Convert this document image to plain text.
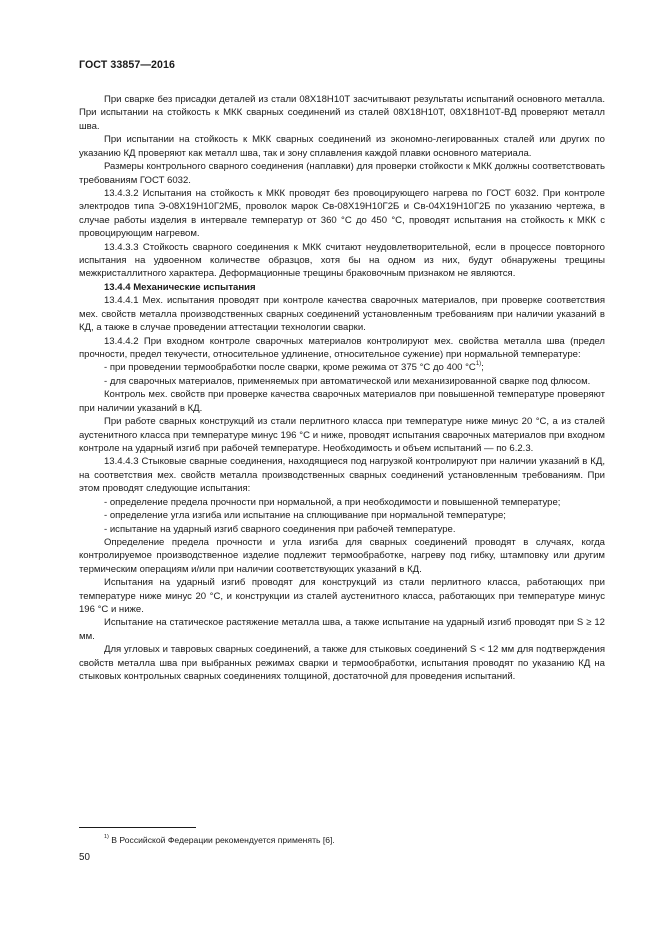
ГОСТ 33857—2016

При сварке без присадки деталей из стали 08Х18Н10Т засчитывают результаты испытаний основного металла. При испытании на стойкость к МКК сварных соединений из сталей 08Х18Н10Т, 08Х18Н10Т-ВД проверяют металл шва.

При испытании на стойкость к МКК сварных соединений из экономно-легированных сталей или других по указанию КД проверяют как металл шва, так и зону сплавления каждой плавки основного материала.

Размеры контрольного сварного соединения (наплавки) для проверки стойкости к МКК должны соответствовать требованиям ГОСТ 6032.

13.4.3.2 Испытания на стойкость к МКК проводят без провоцирующего нагрева по ГОСТ 6032. При контроле электродов типа Э-08Х19Н10Г2МБ, проволок марок Св-08Х19Н10Г2Б и Св-04Х19Н10Г2Б по указанию чертежа, в случае работы изделия в интервале температур от 360 °С до 450 °С, проводят испытания на стойкость к МКК с провоцирующим нагревом.

13.4.3.3 Стойкость сварного соединения к МКК считают неудовлетворительной, если в процессе повторного испытания на удвоенном количестве образцов, хотя бы на одном из них, будут обнаружены трещины межкристаллитного характера. Деформационные трещины браковочным признаком не являются.

13.4.4 Механические испытания

13.4.4.1 Мех. испытания проводят при контроле качества сварочных материалов, при проверке соответствия мех. свойств металла производственных сварных соединений установленным требованиям при наличии указаний в КД, а также в случае проведении аттестации технологии сварки.

13.4.4.2 При входном контроле сварочных материалов контролируют мех. свойства металла шва (предел прочности, предел текучести, относительное удлинение, относительное сужение) при нормальной температуре:

- при проведении термообработки после сварки, кроме режима от 375 °С до 400 $^\circ С^{1)}$;

- для сварочных материалов, применяемых при автоматической или механизированной сварке под флюсом.

Контроль мех. свойств при проверке качества сварочных материалов при повышенной температуре проверяют при наличии указаний в КД.

При работе сварных конструкций из стали перлитного класса при температуре ниже минус 20 °С, а из сталей аустенитного класса при температуре минус 196 °С и ниже, проводят испытания сварочных материалов при входном контроле на ударный изгиб при рабочей температуре. Необходимость и объем испытаний — по 6.2.3.

13.4.4.3 Стыковые сварные соединения, находящиеся под нагрузкой контролируют при наличии указаний в КД, на соответствия мех. свойств металла производственных сварных соединений установленным требованиям. При этом проводят следующие испытания:

- определение предела прочности при нормальной, а при необходимости и повышенной температуре;

- определение угла изгиба или испытание на сплющивание при нормальной температуре;

- испытание на ударный изгиб сварного соединения при рабочей температуре.

Определение предела прочности и угла изгиба для сварных соединений проводят в случаях, когда контролируемое производственное изделие подлежит термообработке, нагреву под гибку, штамповку или другим термическим операциям и/или при наличии соответствующих указаний в КД.

Испытания на ударный изгиб проводят для конструкций из стали перлитного класса, работающих при температуре ниже минус 20 °С, и конструкции из сталей аустенитного класса, работающих при температуре минус 196 °С и ниже.

Испытание на статическое растяжение металла шва, а также испытание на ударный изгиб проводят при S ≥ 12 мм.

Для угловых и тавровых сварных соединений, а также для стыковых соединений S < 12 мм для подтверждения свойств металла шва при выбранных режимах сварки и термообработки, испытания проводят по указанию КД на стыковых контрольных сварных соединениях толщиной, достаточной для проведения испытаний.

$^{1)}$ В Российской Федерации рекомендуется применять [6].
50
